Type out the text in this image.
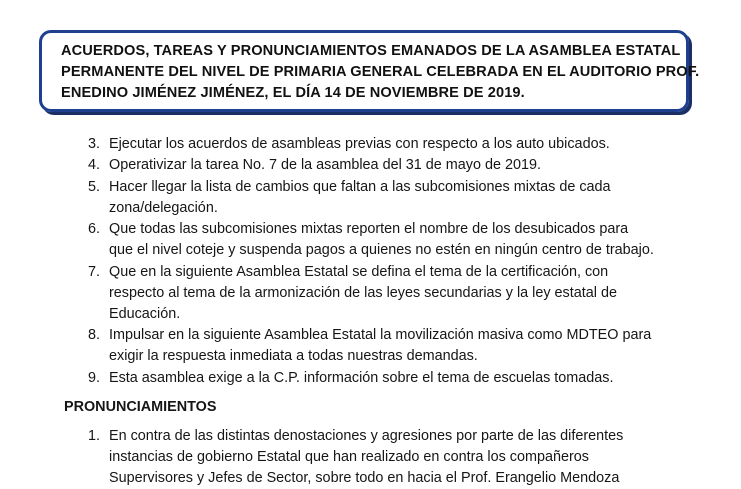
ACUERDOS, TAREAS Y PRONUNCIAMIENTOS EMANADOS DE LA ASAMBLEA ESTATAL
PERMANENTE DEL NIVEL DE PRIMARIA GENERAL CELEBRADA EN EL AUDITORIO PROF.
ENEDINO JIMÉNEZ JIMÉNEZ, EL DÍA 14 DE NOVIEMBRE DE 2019.
3. Ejecutar los acuerdos de asambleas previas con respecto a los auto ubicados.
4. Operativizar la tarea No. 7 de la asamblea del 31 de mayo de 2019.
5. Hacer llegar la lista de cambios que faltan a las subcomisiones mixtas de cada
zona/delegación.
6. Que todas las subcomisiones mixtas reporten el nombre de los desubicados para
que el nivel coteje y suspenda pagos a quienes no estén en ningún centro de trabajo.
7. Que en la siguiente Asamblea Estatal se defina el tema de la certificación, con
respecto al tema de la armonización de las leyes secundarias y la ley estatal de
Educación.
8. Impulsar en la siguiente Asamblea Estatal la movilización masiva como MDTEO para
exigir la respuesta inmediata a todas nuestras demandas.
9. Esta asamblea exige a la C.P. información sobre el tema de escuelas tomadas.
PRONUNCIAMIENTOS
1. En contra de las distintas denostaciones y agresiones por parte de las diferentes
instancias de gobierno Estatal que han realizado en contra los compañeros
Supervisores y Jefes de Sector, sobre todo en hacia el Prof. Erangelio Mendoza
